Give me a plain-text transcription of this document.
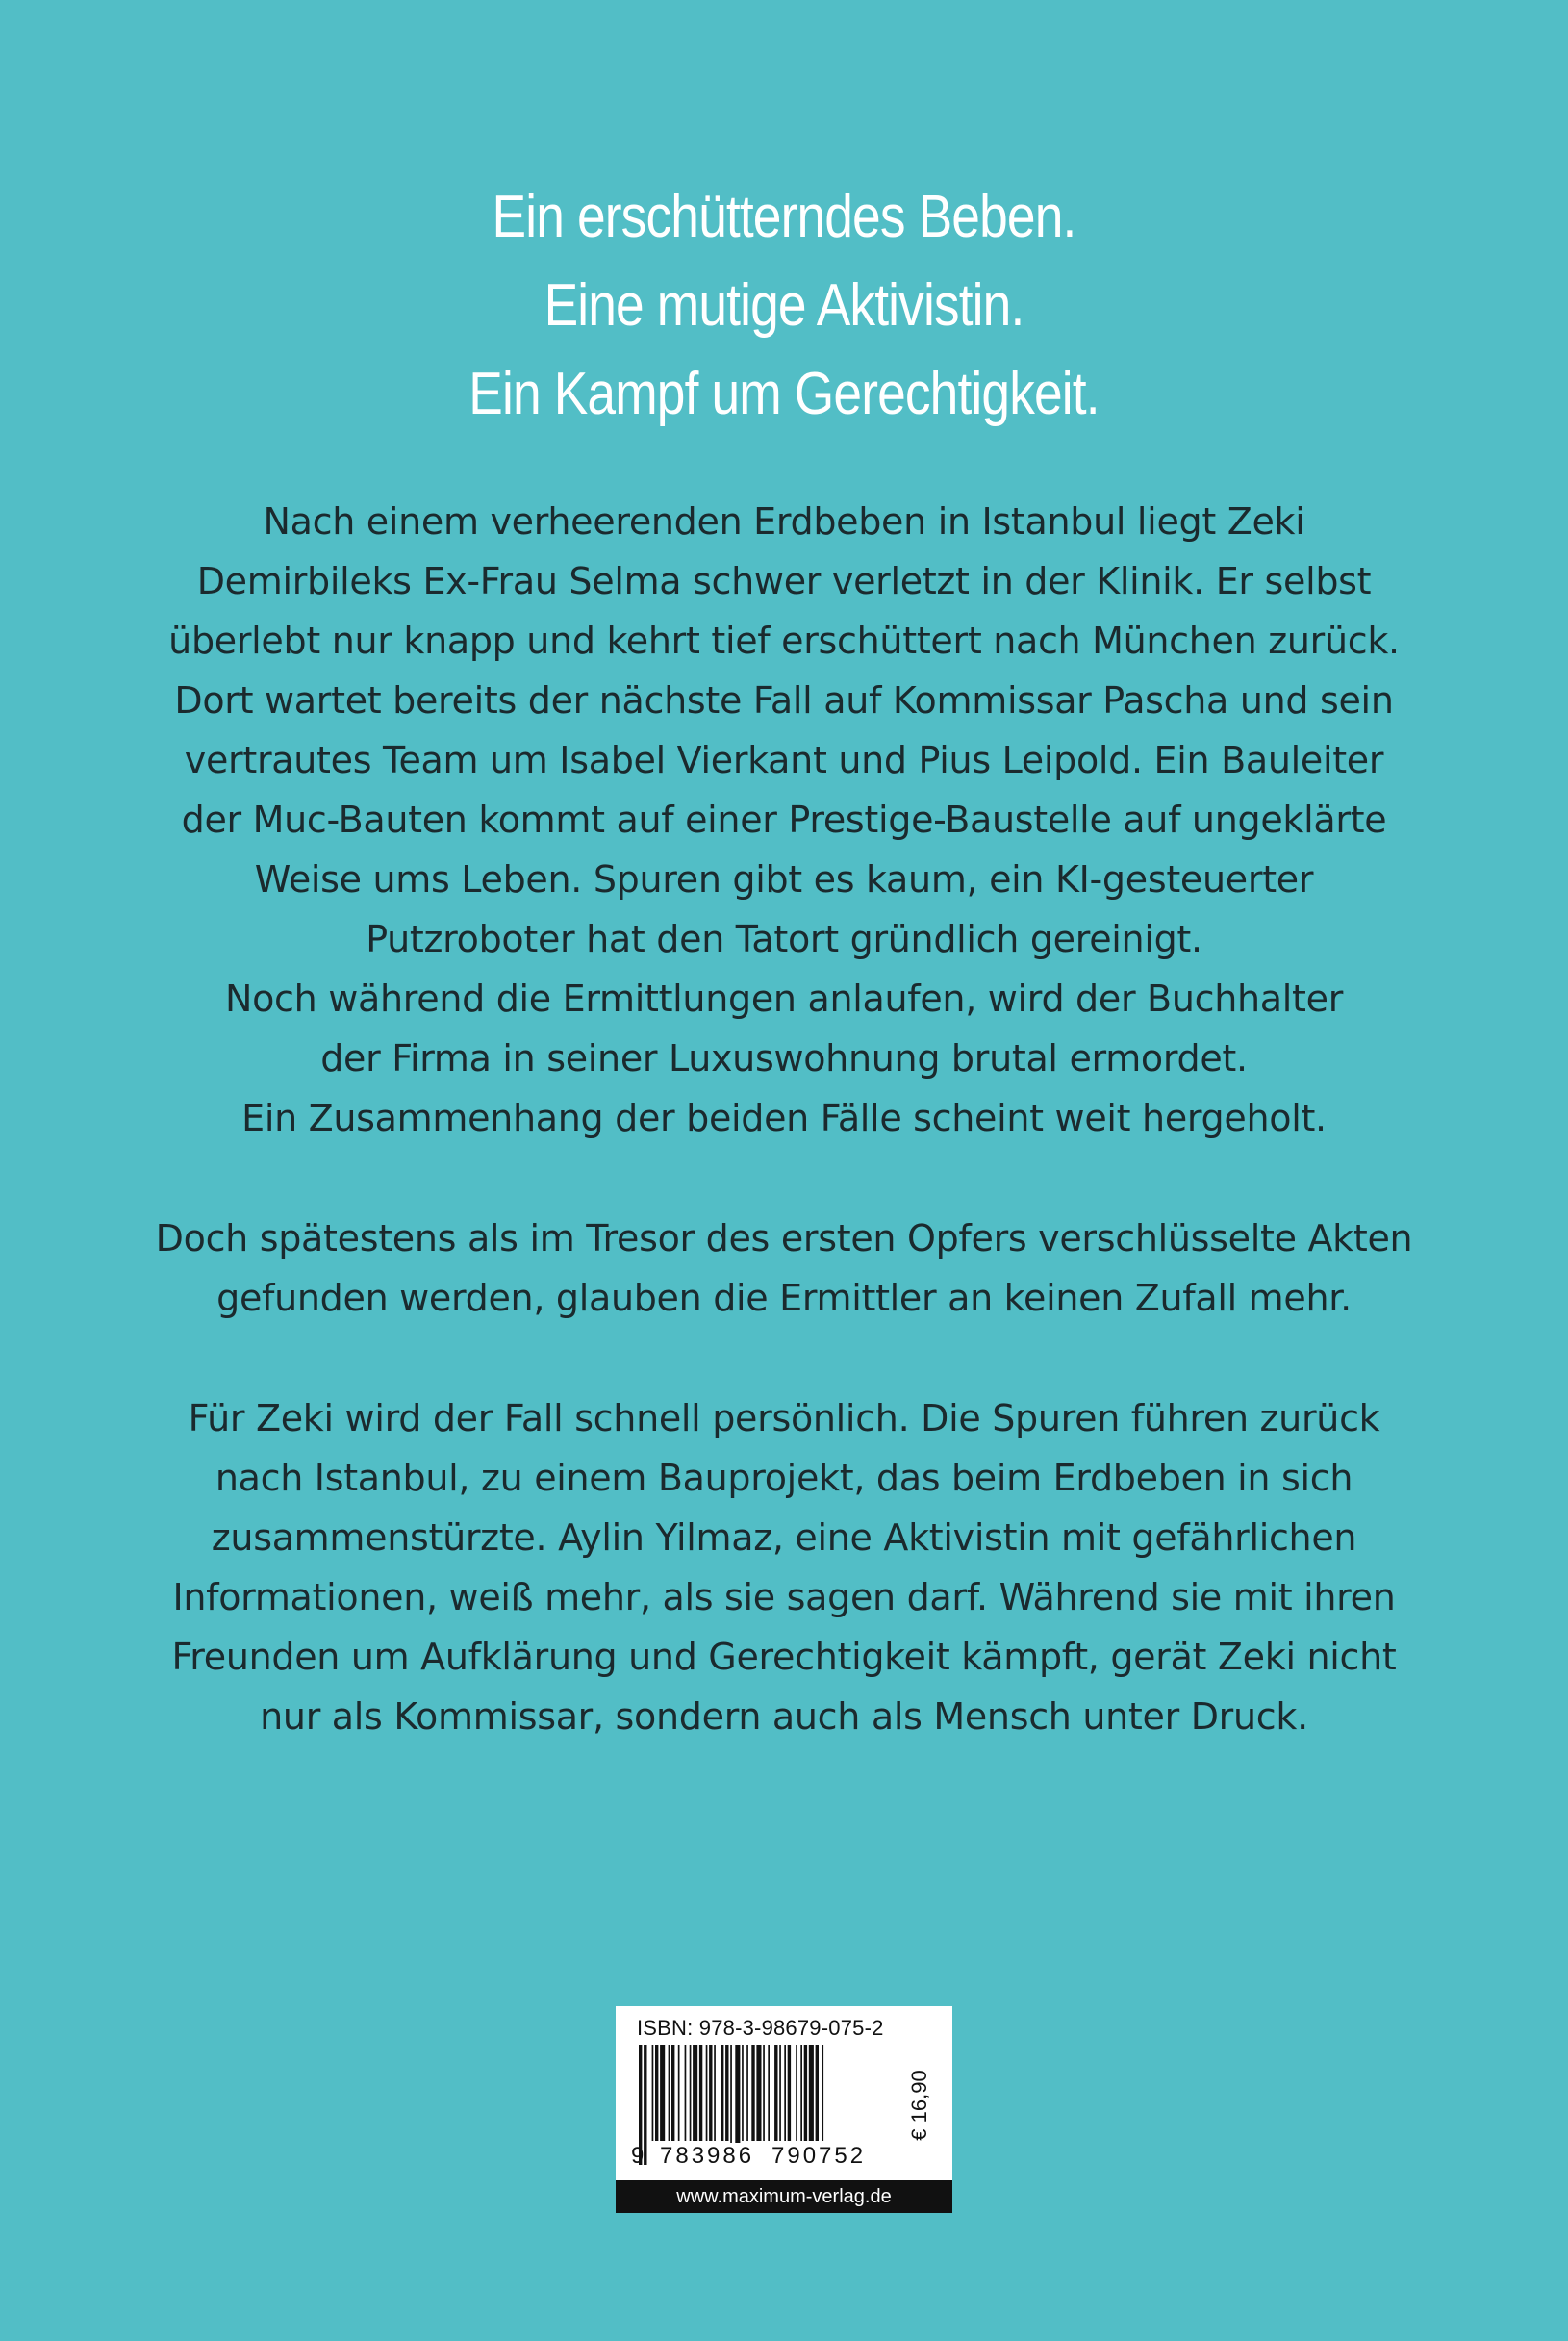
Ein erschütterndes Beben.
Eine mutige Aktivistin.
Ein Kampf um Gerechtigkeit.
Nach einem verheerenden Erdbeben in Istanbul liegt Zeki
Demirbileks Ex-Frau Selma schwer verletzt in der Klinik. Er selbst
überlebt nur knapp und kehrt tief erschüttert nach München zurück.
Dort wartet bereits der nächste Fall auf Kommissar Pascha und sein
vertrautes Team um Isabel Vierkant und Pius Leipold. Ein Bauleiter
der Muc-Bauten kommt auf einer Prestige-Baustelle auf ungeklärte
Weise ums Leben. Spuren gibt es kaum, ein KI-gesteuerter
Putzroboter hat den Tatort gründlich gereinigt.
Noch während die Ermittlungen anlaufen, wird der Buchhalter
der Firma in seiner Luxuswohnung brutal ermordet.
Ein Zusammenhang der beiden Fälle scheint weit hergeholt.
Doch spätestens als im Tresor des ersten Opfers verschlüsselte Akten
gefunden werden, glauben die Ermittler an keinen Zufall mehr.
Für Zeki wird der Fall schnell persönlich. Die Spuren führen zurück
nach Istanbul, zu einem Bauprojekt, das beim Erdbeben in sich
zusammenstürzte. Aylin Yilmaz, eine Aktivistin mit gefährlichen
Informationen, weiß mehr, als sie sagen darf. Während sie mit ihren
Freunden um Aufklärung und Gerechtigkeit kämpft, gerät Zeki nicht
nur als Kommissar, sondern auch als Mensch unter Druck.
ISBN: 978-3-98679-075-2
9 783986 790752
€ 16,90
www.maximum-verlag.de
